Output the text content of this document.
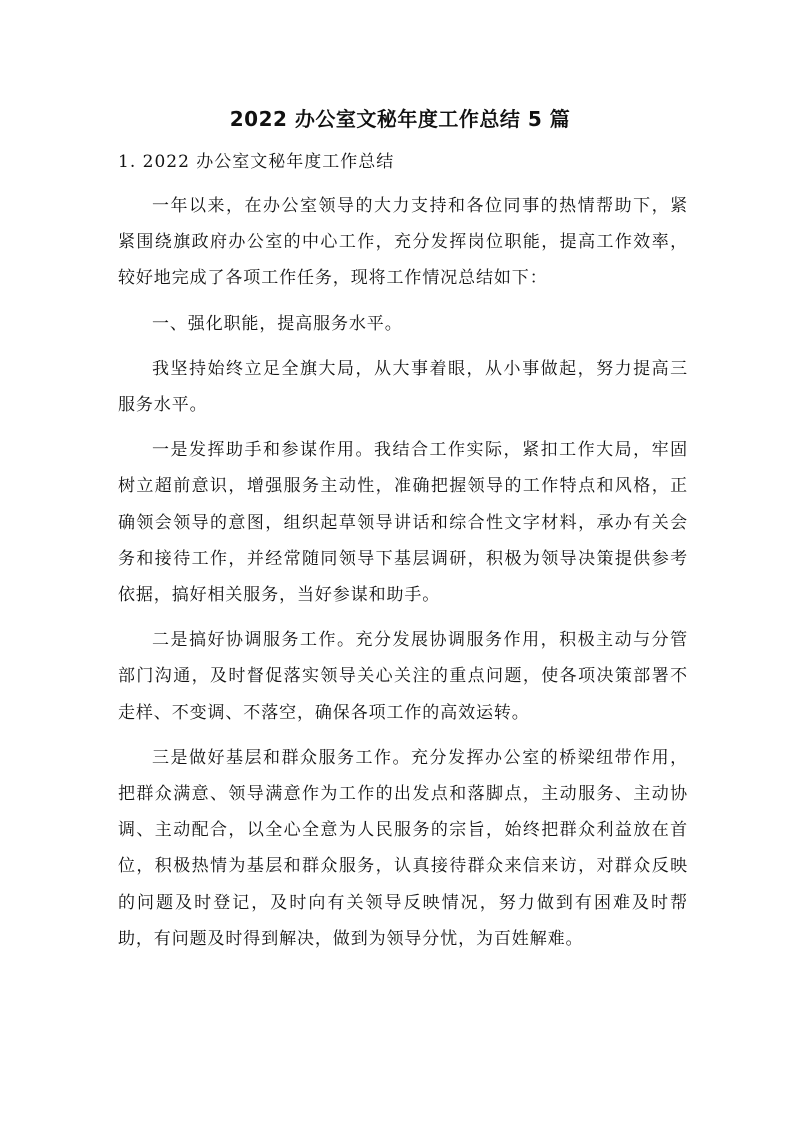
2022 办公室文秘年度工作总结 5 篇
1. 2022 办公室文秘年度工作总结

一年以来，在办公室领导的大力支持和各位同事的热情帮助下，紧紧围绕旗政府办公室的中心工作，充分发挥岗位职能，提高工作效率，较好地完成了各项工作任务，现将工作情况总结如下：

一、强化职能，提高服务水平。

我坚持始终立足全旗大局，从大事着眼，从小事做起，努力提高三服务水平。

一是发挥助手和参谋作用。我结合工作实际，紧扣工作大局，牢固树立超前意识，增强服务主动性，准确把握领导的工作特点和风格，正确领会领导的意图，组织起草领导讲话和综合性文字材料，承办有关会务和接待工作，并经常随同领导下基层调研，积极为领导决策提供参考依据，搞好相关服务，当好参谋和助手。

二是搞好协调服务工作。充分发展协调服务作用，积极主动与分管部门沟通，及时督促落实领导关心关注的重点问题，使各项决策部署不走样、不变调、不落空，确保各项工作的高效运转。

三是做好基层和群众服务工作。充分发挥办公室的桥梁纽带作用，把群众满意、领导满意作为工作的出发点和落脚点，主动服务、主动协调、主动配合，以全心全意为人民服务的宗旨，始终把群众利益放在首位，积极热情为基层和群众服务，认真接待群众来信来访，对群众反映的问题及时登记，及时向有关领导反映情况，努力做到有困难及时帮助，有问题及时得到解决，做到为领导分忧，为百姓解难。
